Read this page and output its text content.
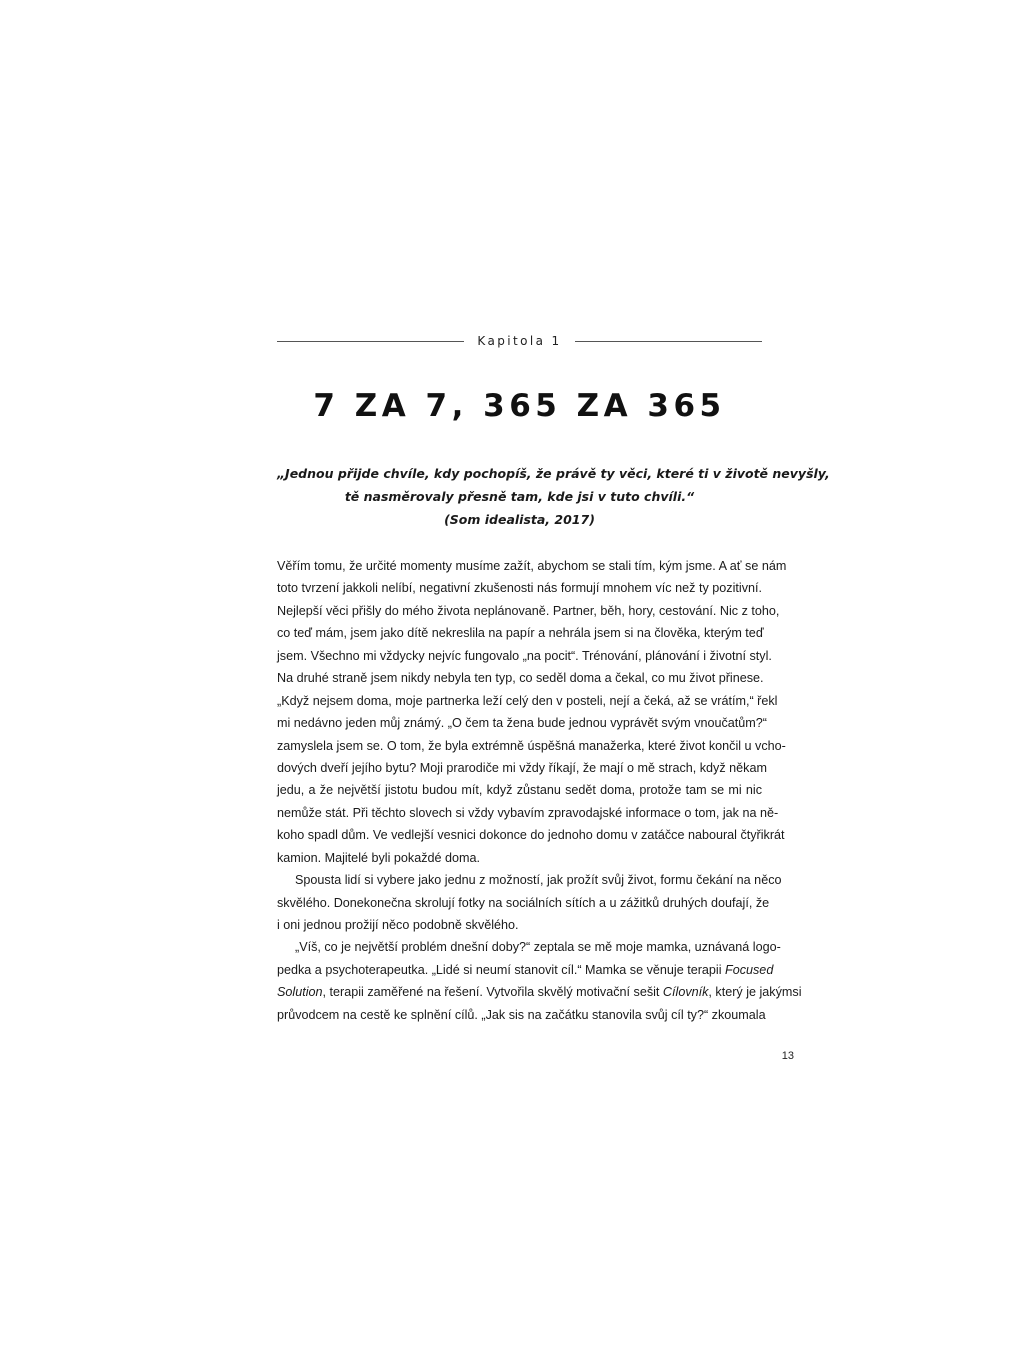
Kapitola 1
7 ZA 7, 365 ZA 365
„Jednou přijde chvíle, kdy pochopíš, že právě ty věci, které ti v životě nevyšly,
tě nasměrovaly přesně tam, kde jsi v tuto chvíli.“
(Som idealista, 2017)
Věřím tomu, že určité momenty musíme zažít, abychom se stali tím, kým jsme. A ať se nám
toto tvrzení jakkoli nelíbí, negativní zkušenosti nás formují mnohem víc než ty pozitivní.
Nejlepší věci přišly do mého života neplánovaně. Partner, běh, hory, cestování. Nic z toho,
co teď mám, jsem jako dítě nekreslila na papír a nehrála jsem si na člověka, kterým teď
jsem. Všechno mi vždycky nejvíc fungovalo „na pocit“. Trénování, plánování i životní styl.
Na druhé straně jsem nikdy nebyla ten typ, co seděl doma a čekal, co mu život přinese.
„Když nejsem doma, moje partnerka leží celý den v posteli, nejí a čeká, až se vrátím,“ řekl
mi nedávno jeden můj známý. „O čem ta žena bude jednou vyprávět svým vnoučatům?“
zamyslela jsem se. O tom, že byla extrémně úspěšná manažerka, které život končil u vcho-
dových dveří jejího bytu? Moji prarodiče mi vždy říkají, že mají o mě strach, když někam
jedu, a že největší jistotu budou mít, když zůstanu sedět doma, protože tam se mi nic
nemůže stát. Při těchto slovech si vždy vybavím zpravodajské informace o tom, jak na ně-
koho spadl dům. Ve vedlejší vesnici dokonce do jednoho domu v zatáčce naboural čtyřikrát
kamion. Majitelé byli pokaždé doma.
Spousta lidí si vybere jako jednu z možností, jak prožít svůj život, formu čekání na něco
skvělého. Donekonečna skrolují fotky na sociálních sítích a u zážitků druhých doufají, že
i oni jednou prožijí něco podobně skvělého.
„Víš, co je největší problém dnešní doby?“ zeptala se mě moje mamka, uznávaná logo-
pedka a psychoterapeutka. „Lidé si neumí stanovit cíl.“ Mamka se věnuje terapii Focused
Solution, terapii zaměřené na řešení. Vytvořila skvělý motivační sešit Cílovník, který je jakýmsi
průvodcem na cestě ke splnění cílů. „Jak sis na začátku stanovila svůj cíl ty?“ zkoumala
13
